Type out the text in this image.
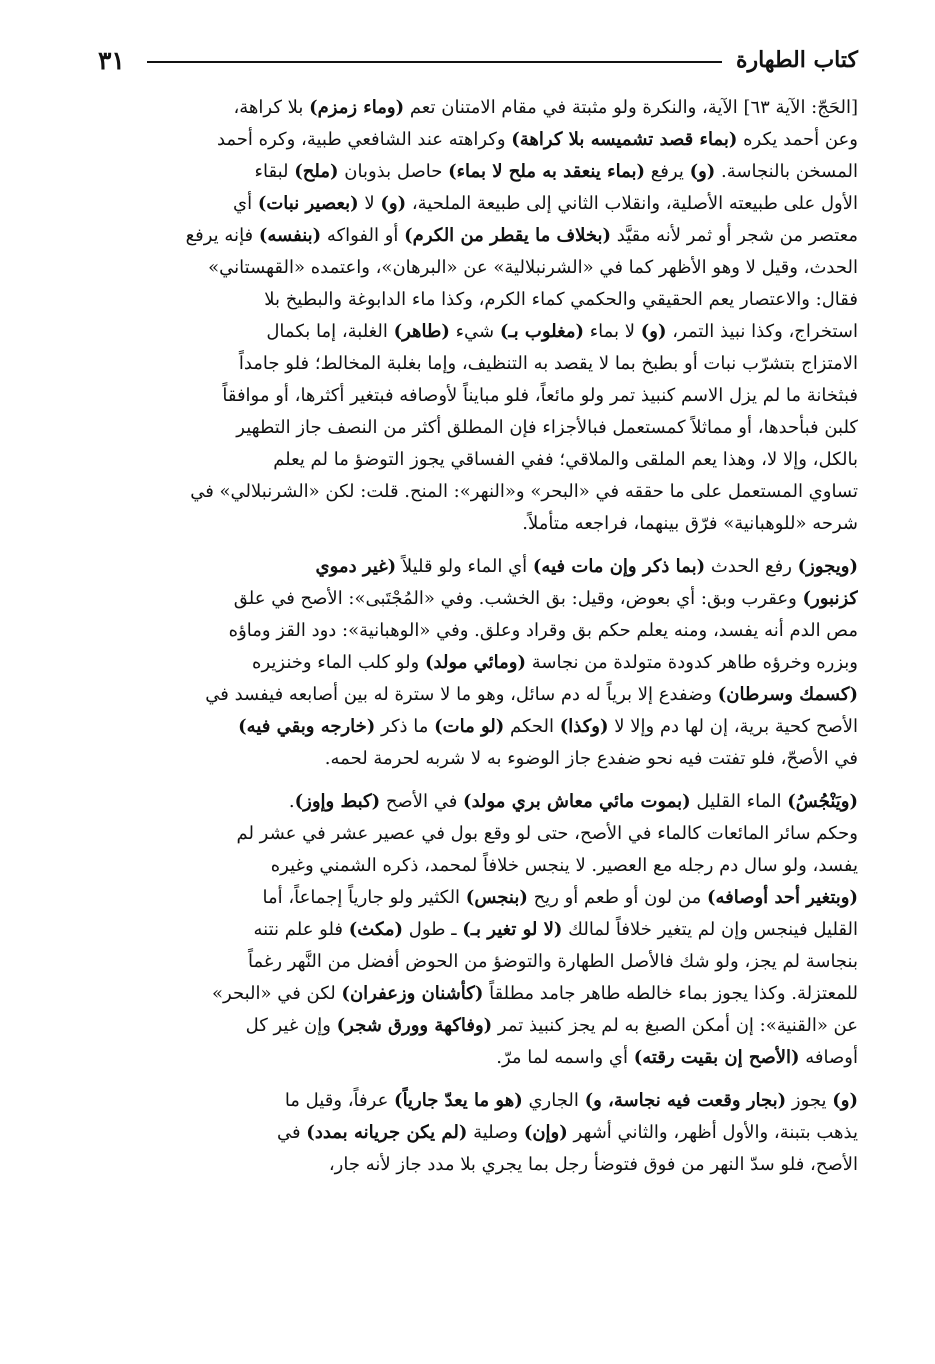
٣١	كتاب الطهارة
[الحَجّ: الآية ٦٣] الآية، والنكرة ولو مثبتة في مقام الامتنان تعم (وماء زمزم) بلا كراهة،
وعن أحمد يكره (بماء قصد تشميسه بلا كراهة) وكراهته عند الشافعي طبية، وكره أحمد
المسخن بالنجاسة. (و) يرفع (بماء ينعقد به ملح لا بماء) حاصل بذوبان (ملح) لبقاء
الأول على طبيعته الأصلية، وانقلاب الثاني إلى طبيعة الملحية، (و) لا (بعصير نبات) أي
معتصر من شجر أو ثمر لأنه مقيَّد (بخلاف ما يقطر من الكرم) أو الفواكه (بنفسه) فإنه يرفع
الحدث، وقيل لا وهو الأظهر كما في «الشرنبلالية» عن «البرهان»، واعتمده «القهستاني»
فقال: والاعتصار يعم الحقيقي والحكمي كماء الكرم، وكذا ماء الدابوغة والبطيخ بلا
استخراج، وكذا نبيذ التمر، (و) لا بماء (مغلوب بـ) شيء (طاهر) الغلبة، إما بكمال
الامتزاج بتشرّب نبات أو بطبخ بما لا يقصد به التنظيف، وإما بغلبة المخالط؛ فلو جامداً
فبثخانة ما لم يزل الاسم كنبيذ تمر ولو مائعاً، فلو مبايناً لأوصافه فبتغير أكثرها، أو موافقاً
كلبن فبأحدها، أو مماثلاً كمستعمل فبالأجزاء فإن المطلق أكثر من النصف جاز التطهير
بالكل، وإلا لا، وهذا يعم الملقى والملاقي؛ ففي الفساقي يجوز التوضؤ ما لم يعلم
تساوي المستعمل على ما حققه في «البحر» و«النهر»: المنح. قلت: لكن «الشرنبلالي» في
شرحه «للوهبانية» فرّق بينهما، فراجعه متأملاً.
(ويجوز) رفع الحدث (بما ذكر وإن مات فيه) أي الماء ولو قليلاً (غير دموي
كزنبور) وعقرب وبق: أي بعوض، وقيل: بق الخشب. وفي «المُجْتَبى»: الأصح في علق
مص الدم أنه يفسد، ومنه يعلم حكم بق وقراد وعلق. وفي «الوهبانية»: دود القز وماؤه
وبزره وخرؤه طاهر كدودة متولدة من نجاسة (ومائي مولد) ولو كلب الماء وخنزيره
(كسمك وسرطان) وضفدع إلا برياً له دم سائل، وهو ما لا سترة له بين أصابعه فيفسد في
الأصح كحية برية، إن لها دم وإلا لا (وكذا) الحكم (لو مات) ما ذكر (خارجه وبقي فيه)
في الأصحّ، فلو تفتت فيه نحو ضفدع جاز الوضوء به لا شربه لحرمة لحمه.
(ويَنْجُسُ) الماء القليل (بموت مائي معاش بري مولد) في الأصح (كبط وإوز).
وحكم سائر المائعات كالماء في الأصح، حتى لو وقع بول في عصير عشر في عشر لم
يفسد، ولو سال دم رجله مع العصير. لا ينجس خلافاً لمحمد، ذكره الشمني وغيره
(وبتغير أحد أوصافه) من لون أو طعم أو ريح (بنجس) الكثير ولو جارياً إجماعاً، أما
القليل فينجس وإن لم يتغير خلافاً لمالك (لا لو تغير بـ) ـ طول (مكث) فلو علم نتنه
بنجاسة لم يجز، ولو شك فالأصل الطهارة والتوضؤ من الحوض أفضل من النَّهر رغماً
للمعتزلة. وكذا يجوز بماء خالطه طاهر جامد مطلقاً (كأشنان وزعفران) لكن في «البحر»
عن «القنية»: إن أمكن الصبغ به لم يجز كنبيذ تمر (وفاكهة وورق شجر) وإن غير كل
أوصافه (الأصح إن بقيت رقته) أي واسمه لما مرّ.
(و) يجوز (بجار وقعت فيه نجاسة، و) الجاري (هو ما يعدّ جارياً) عرفاً، وقيل ما
يذهب بتبنة، والأول أظهر، والثاني أشهر (وإن) وصلية (لم يكن جريانه بمدد) في
الأصح، فلو سدّ النهر من فوق فتوضأ رجل بما يجري بلا مدد جاز لأنه جار،
